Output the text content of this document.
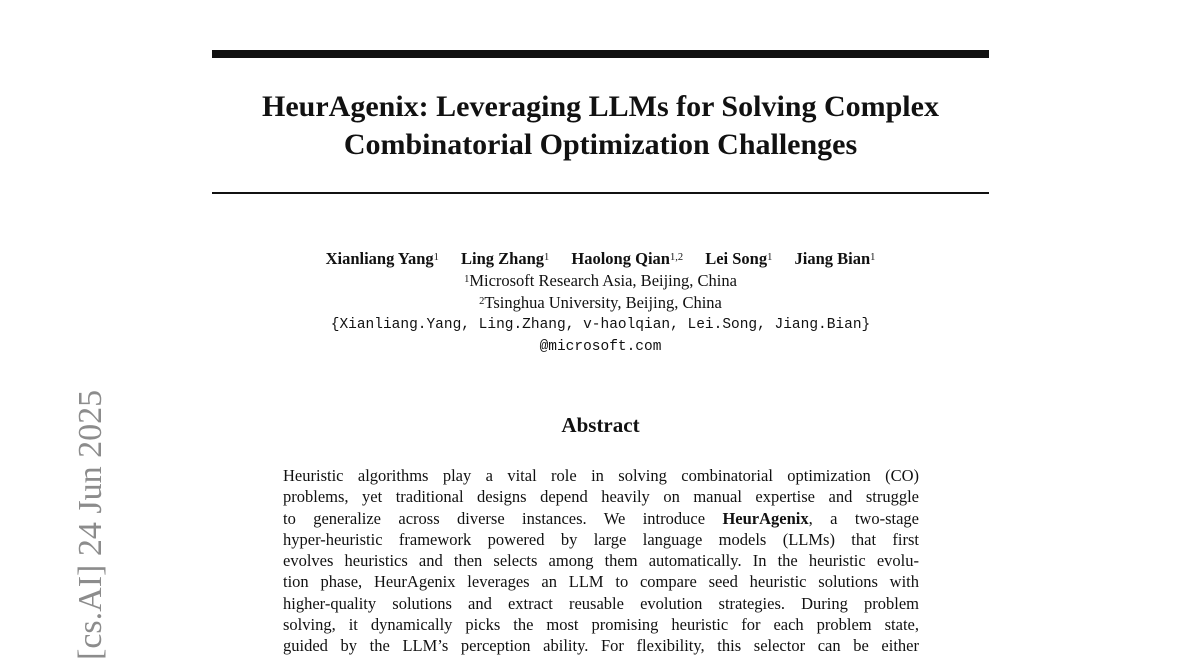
[cs.AI] 24 Jun 2025
HeurAgenix: Leveraging LLMs for Solving Complex
Combinatorial Optimization Challenges
Xianliang Yang$^1$ Ling Zhang$^1$ Haolong Qian$^{1,2}$ Lei Song$^1$ Jiang Bian$^1$
$^1$Microsoft Research Asia, Beijing, China
$^2$Tsinghua University, Beijing, China
{Xianliang.Yang, Ling.Zhang, v-haolqian, Lei.Song, Jiang.Bian}
@microsoft.com
Abstract
Heuristic algorithms play a vital role in solving combinatorial optimization (CO)
problems, yet traditional designs depend heavily on manual expertise and struggle
to generalize across diverse instances. We introduce HeurAgenix, a two-stage
hyper-heuristic framework powered by large language models (LLMs) that first
evolves heuristics and then selects among them automatically. In the heuristic evolu-
tion phase, HeurAgenix leverages an LLM to compare seed heuristic solutions with
higher-quality solutions and extract reusable evolution strategies. During problem
solving, it dynamically picks the most promising heuristic for each problem state,
guided by the LLM’s perception ability. For flexibility, this selector can be either
